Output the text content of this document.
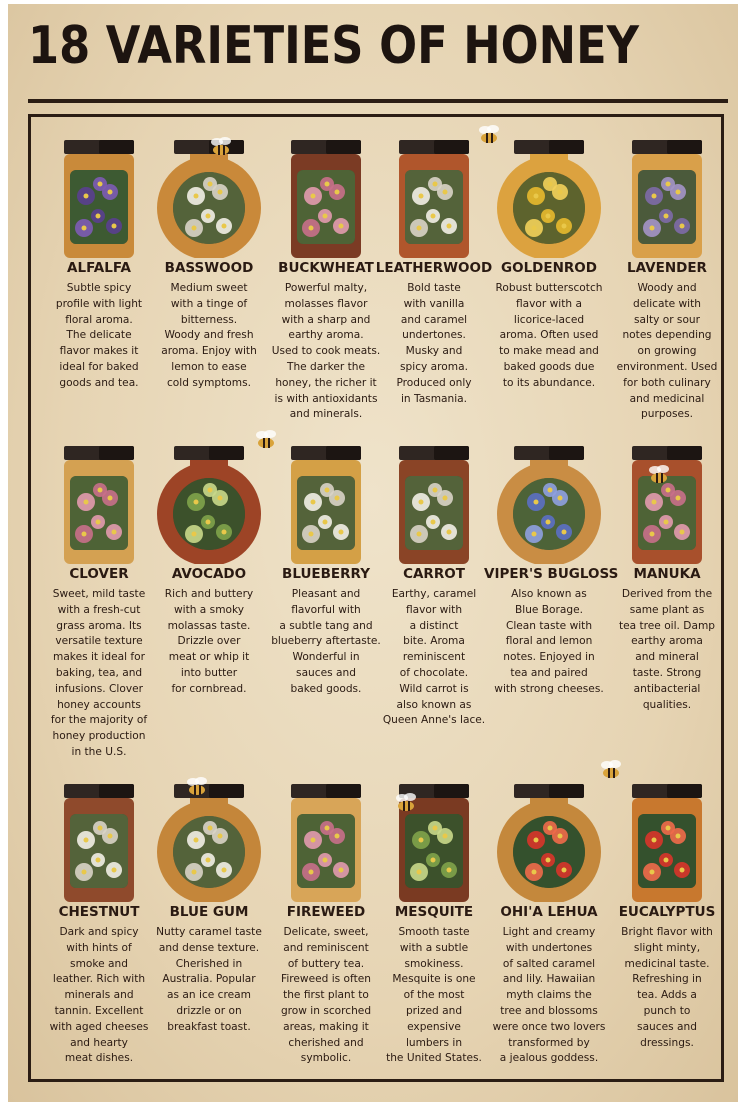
18 VARIETIES OF HONEY
ALFALFA
Subtle spicy
profile with light
floral aroma.
The delicate
flavor makes it
ideal for baked
goods and tea.
BASSWOOD
Medium sweet
with a tinge of
bitterness.
Woody and fresh
aroma. Enjoy with
lemon to ease
cold symptoms.
BUCKWHEAT
Powerful malty,
molasses flavor
with a sharp and
earthy aroma.
Used to cook meats.
The darker the
honey, the richer it
is with antioxidants
and minerals.
LEATHERWOOD
Bold taste
with vanilla
and caramel
undertones.
Musky and
spicy aroma.
Produced only
in Tasmania.
GOLDENROD
Robust butterscotch
flavor with a
licorice-laced
aroma. Often used
to make mead and
baked goods due
to its abundance.
LAVENDER
Woody and
delicate with
salty or sour
notes depending
on growing
environment. Used
for both culinary
and medicinal
purposes.
CLOVER
Sweet, mild taste
with a fresh-cut
grass aroma. Its
versatile texture
makes it ideal for
baking, tea, and
infusions. Clover
honey accounts
for the majority of
honey production
in the U.S.
AVOCADO
Rich and buttery
with a smoky
molassas taste.
Drizzle over
meat or whip it
into butter
for cornbread.
BLUEBERRY
Pleasant and
flavorful with
a subtle tang and
blueberry aftertaste.
Wonderful in
sauces and
baked goods.
CARROT
Earthy, caramel
flavor with
a distinct
bite. Aroma
reminiscent
of chocolate.
Wild carrot is
also known as
Queen Anne's lace.
VIPER'S BUGLOSS
Also known as
Blue Borage.
Clean taste with
floral and lemon
notes. Enjoyed in
tea and paired
with strong cheeses.
MANUKA
Derived from the
same plant as
tea tree oil. Damp
earthy aroma
and mineral
taste. Strong
antibacterial
qualities.
CHESTNUT
Dark and spicy
with hints of
smoke and
leather. Rich with
minerals and
tannin. Excellent
with aged cheeses
and hearty
meat dishes.
BLUE GUM
Nutty caramel taste
and dense texture.
Cherished in
Australia. Popular
as an ice cream
drizzle or on
breakfast toast.
FIREWEED
Delicate, sweet,
and reminiscent
of buttery tea.
Fireweed is often
the first plant to
grow in scorched
areas, making it
cherished and
symbolic.
MESQUITE
Smooth taste
with a subtle
smokiness.
Mesquite is one
of the most
prized and
expensive
lumbers in
the United States.
OHI'A LEHUA
Light and creamy
with undertones
of salted caramel
and lily. Hawaiian
myth claims the
tree and blossoms
were once two lovers
transformed by
a jealous goddess.
EUCALYPTUS
Bright flavor with
slight minty,
medicinal taste.
Refreshing in
tea. Adds a
punch to
sauces and
dressings.
